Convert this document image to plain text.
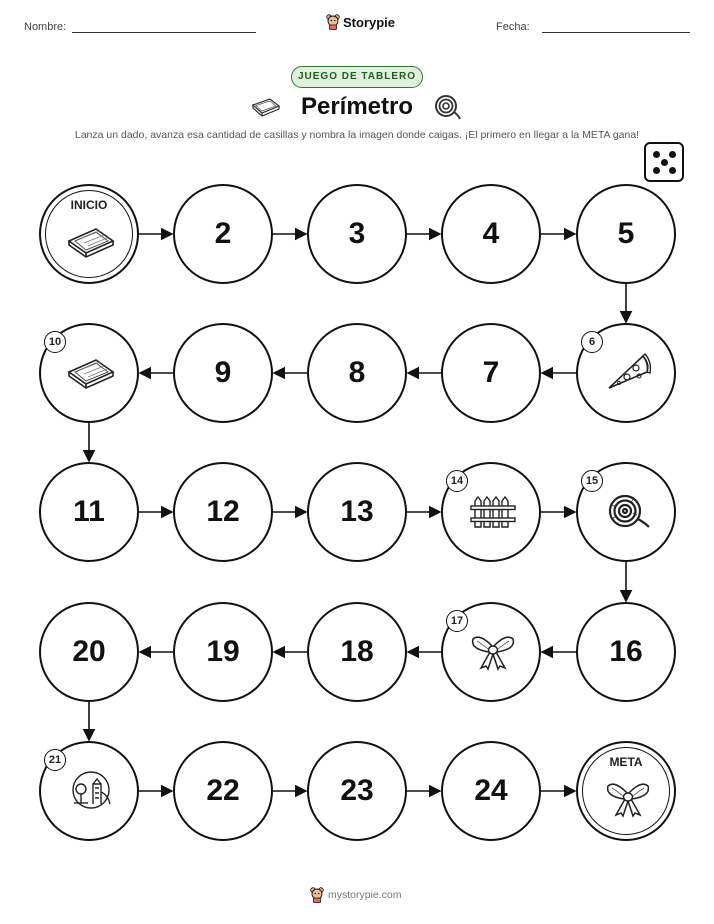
Nombre:	Storypie	Fecha:
JUEGO DE TABLERO
Perímetro
Lanza un dado, avanza esa cantidad de casillas y nombra la imagen donde caigas. ¡El primero en llegar a la META gana!
INICIO
2	3	4	5
6
7
8
9
10
11	12	13
14	15
16
17
18
19
20
21
22	23	24
META
mystorypie.com
